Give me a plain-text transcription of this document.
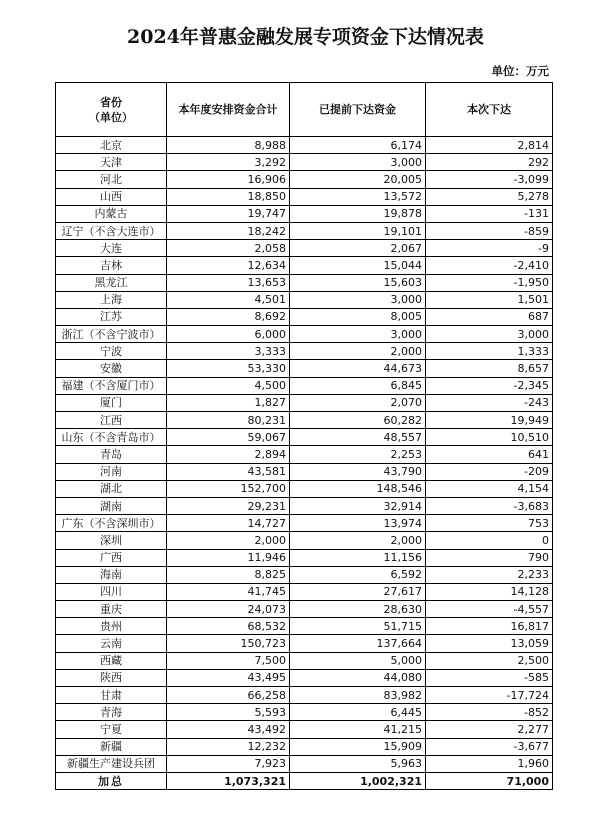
2024年普惠金融发展专项资金下达情况表
单位：万元
省份
（单位）	本年度安排资金合计	已提前下达资金	本次下达
北京	8,988	6,174	2,814
天津	3,292	3,000	292
河北	16,906	20,005	-3,099
山西	18,850	13,572	5,278
内蒙古	19,747	19,878	-131
辽宁（不含大连市）	18,242	19,101	-859
大连	2,058	2,067	-9
吉林	12,634	15,044	-2,410
黑龙江	13,653	15,603	-1,950
上海	4,501	3,000	1,501
江苏	8,692	8,005	687
浙江（不含宁波市）	6,000	3,000	3,000
宁波	3,333	2,000	1,333
安徽	53,330	44,673	8,657
福建（不含厦门市）	4,500	6,845	-2,345
厦门	1,827	2,070	-243
江西	80,231	60,282	19,949
山东（不含青岛市）	59,067	48,557	10,510
青岛	2,894	2,253	641
河南	43,581	43,790	-209
湖北	152,700	148,546	4,154
湖南	29,231	32,914	-3,683
广东（不含深圳市）	14,727	13,974	753
深圳	2,000	2,000	0
广西	11,946	11,156	790
海南	8,825	6,592	2,233
四川	41,745	27,617	14,128
重庆	24,073	28,630	-4,557
贵州	68,532	51,715	16,817
云南	150,723	137,664	13,059
西藏	7,500	5,000	2,500
陕西	43,495	44,080	-585
甘肃	66,258	83,982	-17,724
青海	5,593	6,445	-852
宁夏	43,492	41,215	2,277
新疆	12,232	15,909	-3,677
新疆生产建设兵团	7,923	5,963	1,960
加总	1,073,321	1,002,321	71,000
